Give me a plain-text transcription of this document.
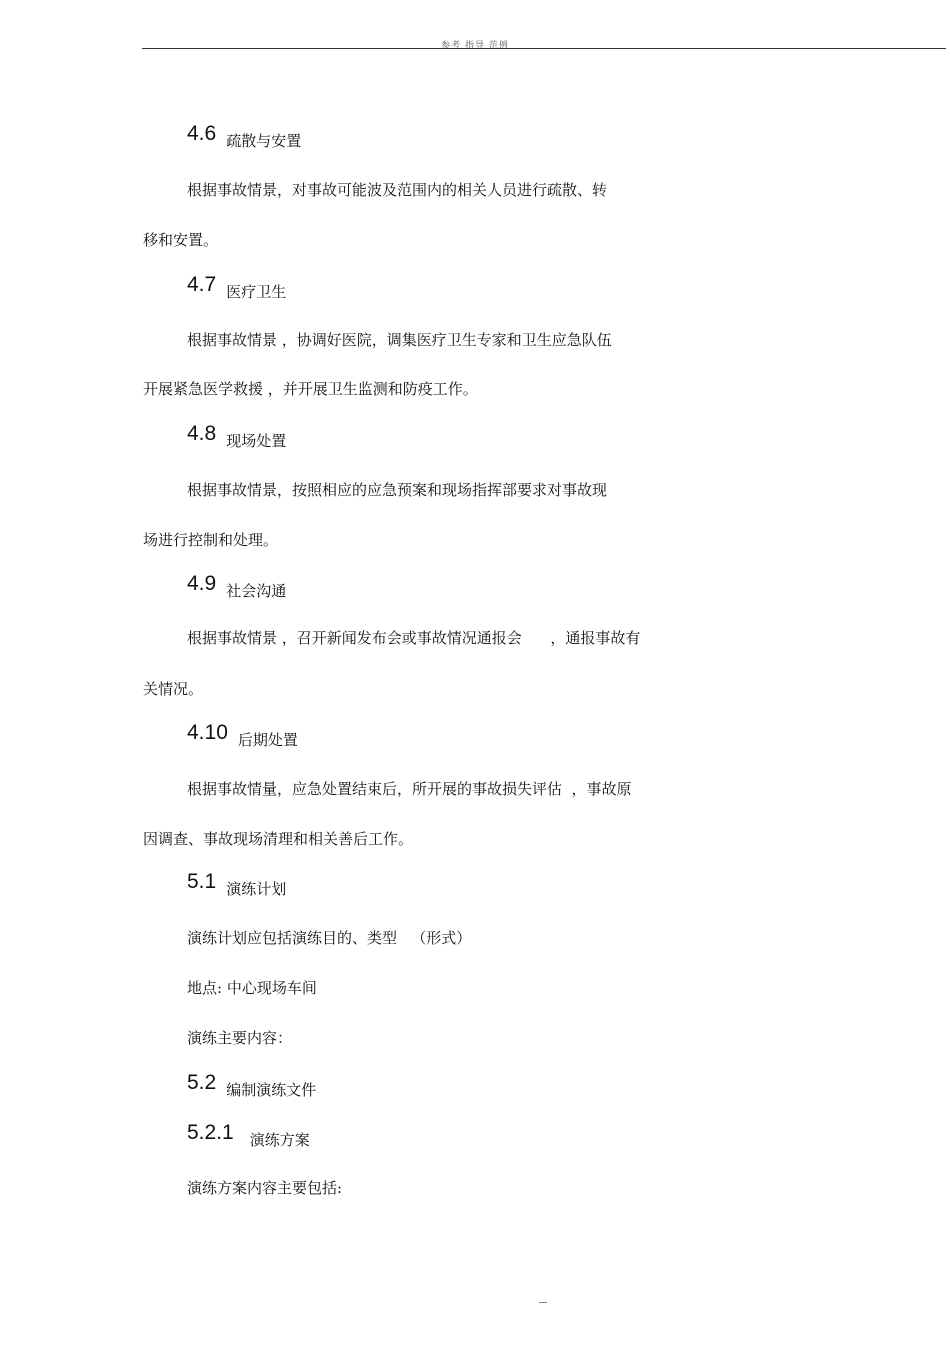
参考 指导 范例
4.6 疏散与安置
根据事故情景，对事故可能波及范围内的相关人员进行疏散、转
移和安置。
4.7 医疗卫生
根据事故情景 ，协调好医院，调集医疗卫生专家和卫生应急队伍
开展紧急医学救援 ，并开展卫生监测和防疫工作。
4.8 现场处置
根据事故情景，按照相应的应急预案和现场指挥部要求对事故现
场进行控制和处理。
4.9 社会沟通
根据事故情景 ，召开新闻发布会或事故情况通报会      ，通报事故有
关情况。
4.10 后期处置
根据事故情量，应急处置结束后，所开展的事故损失评估  ，事故原
因调查、事故现场清理和相关善后工作。
5.1 演练计划
演练计划应包括演练目的、类型   （形式）
地点: 中心现场车间
演练主要内容：
5.2 编制演练文件
5.2.1 演练方案
演练方案内容主要包括:
